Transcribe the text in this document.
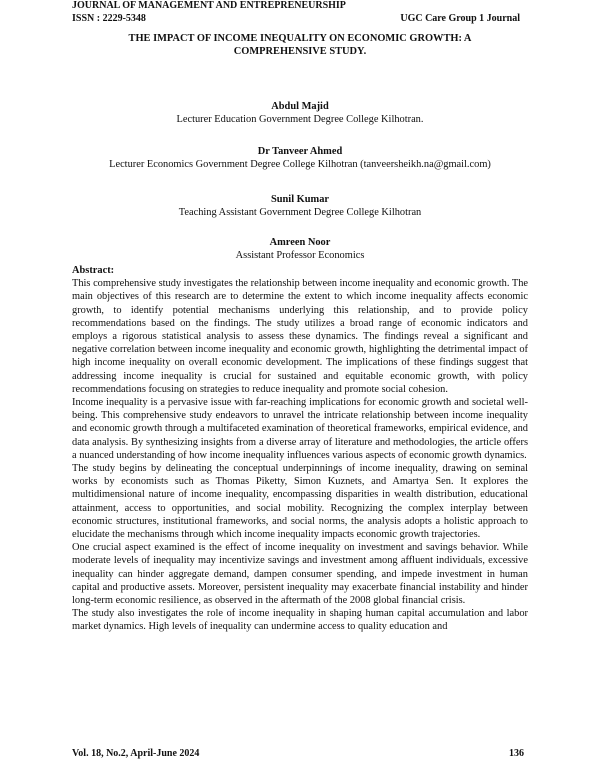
JOURNAL OF MANAGEMENT AND ENTREPRENEURSHIP
ISSN : 2229-5348	UGC Care Group 1 Journal
THE IMPACT OF INCOME INEQUALITY ON ECONOMIC GROWTH: A
COMPREHENSIVE STUDY.
Abdul Majid
Lecturer Education Government Degree College Kilhotran.
Dr Tanveer Ahmed
Lecturer Economics Government Degree College Kilhotran (tanveersheikh.na@gmail.com)
Sunil Kumar
Teaching Assistant Government Degree College Kilhotran
Amreen Noor
Assistant Professor Economics
Abstract:

This comprehensive study investigates the relationship between income inequality and economic growth. The main objectives of this research are to determine the extent to which income inequality affects economic growth, to identify potential mechanisms underlying this relationship, and to provide policy recommendations based on the findings. The study utilizes a broad range of economic indicators and employs a rigorous statistical analysis to assess these dynamics. The findings reveal a significant and negative correlation between income inequality and economic growth, highlighting the detrimental impact of high income inequality on overall economic development. The implications of these findings suggest that addressing income inequality is crucial for sustained and equitable economic growth, with policy recommendations focusing on strategies to reduce inequality and promote social cohesion.

Income inequality is a pervasive issue with far-reaching implications for economic growth and societal well-being. This comprehensive study endeavors to unravel the intricate relationship between income inequality and economic growth through a multifaceted examination of theoretical frameworks, empirical evidence, and data analysis. By synthesizing insights from a diverse array of literature and methodologies, the article offers a nuanced understanding of how income inequality influences various aspects of economic growth dynamics.

The study begins by delineating the conceptual underpinnings of income inequality, drawing on seminal works by economists such as Thomas Piketty, Simon Kuznets, and Amartya Sen. It explores the multidimensional nature of income inequality, encompassing disparities in wealth distribution, educational attainment, access to opportunities, and social mobility. Recognizing the complex interplay between economic structures, institutional frameworks, and social norms, the analysis adopts a holistic approach to elucidate the mechanisms through which income inequality impacts economic growth trajectories.

One crucial aspect examined is the effect of income inequality on investment and savings behavior. While moderate levels of inequality may incentivize savings and investment among affluent individuals, excessive inequality can hinder aggregate demand, dampen consumer spending, and impede investment in human capital and productive assets. Moreover, persistent inequality may exacerbate financial instability and hinder long-term economic resilience, as observed in the aftermath of the 2008 global financial crisis.

The study also investigates the role of income inequality in shaping human capital accumulation and labor market dynamics. High levels of inequality can undermine access to quality education and

Vol. 18, No.2, April-June 2024	136
